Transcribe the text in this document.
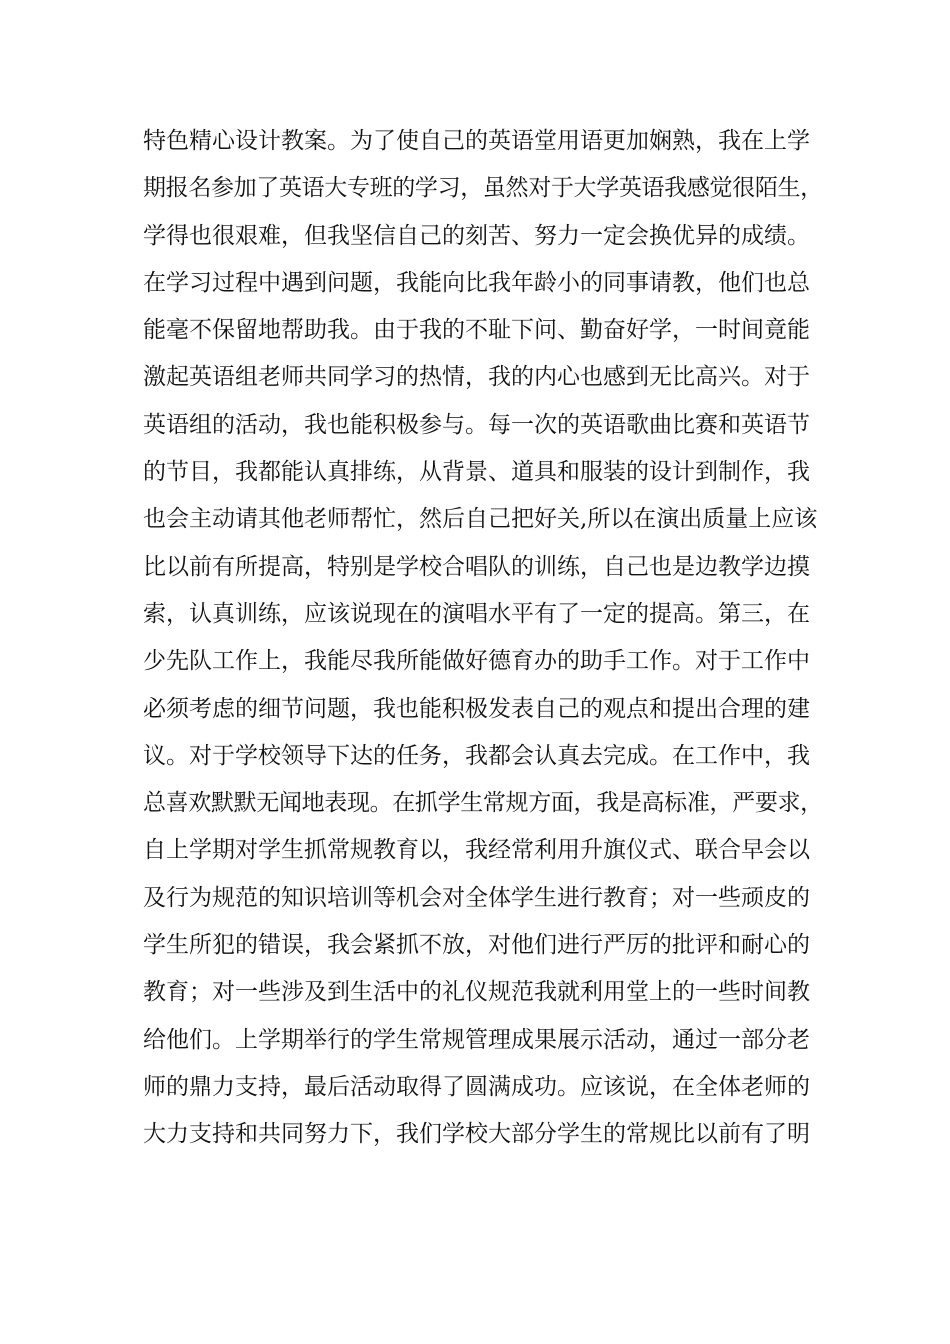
特色精心设计教案。为了使自己的英语堂用语更加娴熟，我在上学
期报名参加了英语大专班的学习，虽然对于大学英语我感觉很陌生，
学得也很艰难，但我坚信自己的刻苦、努力一定会换优异的成绩。
在学习过程中遇到问题，我能向比我年龄小的同事请教，他们也总
能毫不保留地帮助我。由于我的不耻下问、勤奋好学，一时间竟能
激起英语组老师共同学习的热情，我的内心也感到无比高兴。对于
英语组的活动，我也能积极参与。每一次的英语歌曲比赛和英语节
的节目，我都能认真排练，从背景、道具和服装的设计到制作，我
也会主动请其他老师帮忙，然后自己把好关,所以在演出质量上应该
比以前有所提高，特别是学校合唱队的训练，自己也是边教学边摸
索，认真训练，应该说现在的演唱水平有了一定的提高。第三，在
少先队工作上，我能尽我所能做好德育办的助手工作。对于工作中
必须考虑的细节问题，我也能积极发表自己的观点和提出合理的建
议。对于学校领导下达的任务，我都会认真去完成。在工作中，我
总喜欢默默无闻地表现。在抓学生常规方面，我是高标准，严要求，
自上学期对学生抓常规教育以，我经常利用升旗仪式、联合早会以
及行为规范的知识培训等机会对全体学生进行教育；对一些顽皮的
学生所犯的错误，我会紧抓不放，对他们进行严厉的批评和耐心的
教育；对一些涉及到生活中的礼仪规范我就利用堂上的一些时间教
给他们。上学期举行的学生常规管理成果展示活动，通过一部分老
师的鼎力支持，最后活动取得了圆满成功。应该说，在全体老师的
大力支持和共同努力下，我们学校大部分学生的常规比以前有了明
